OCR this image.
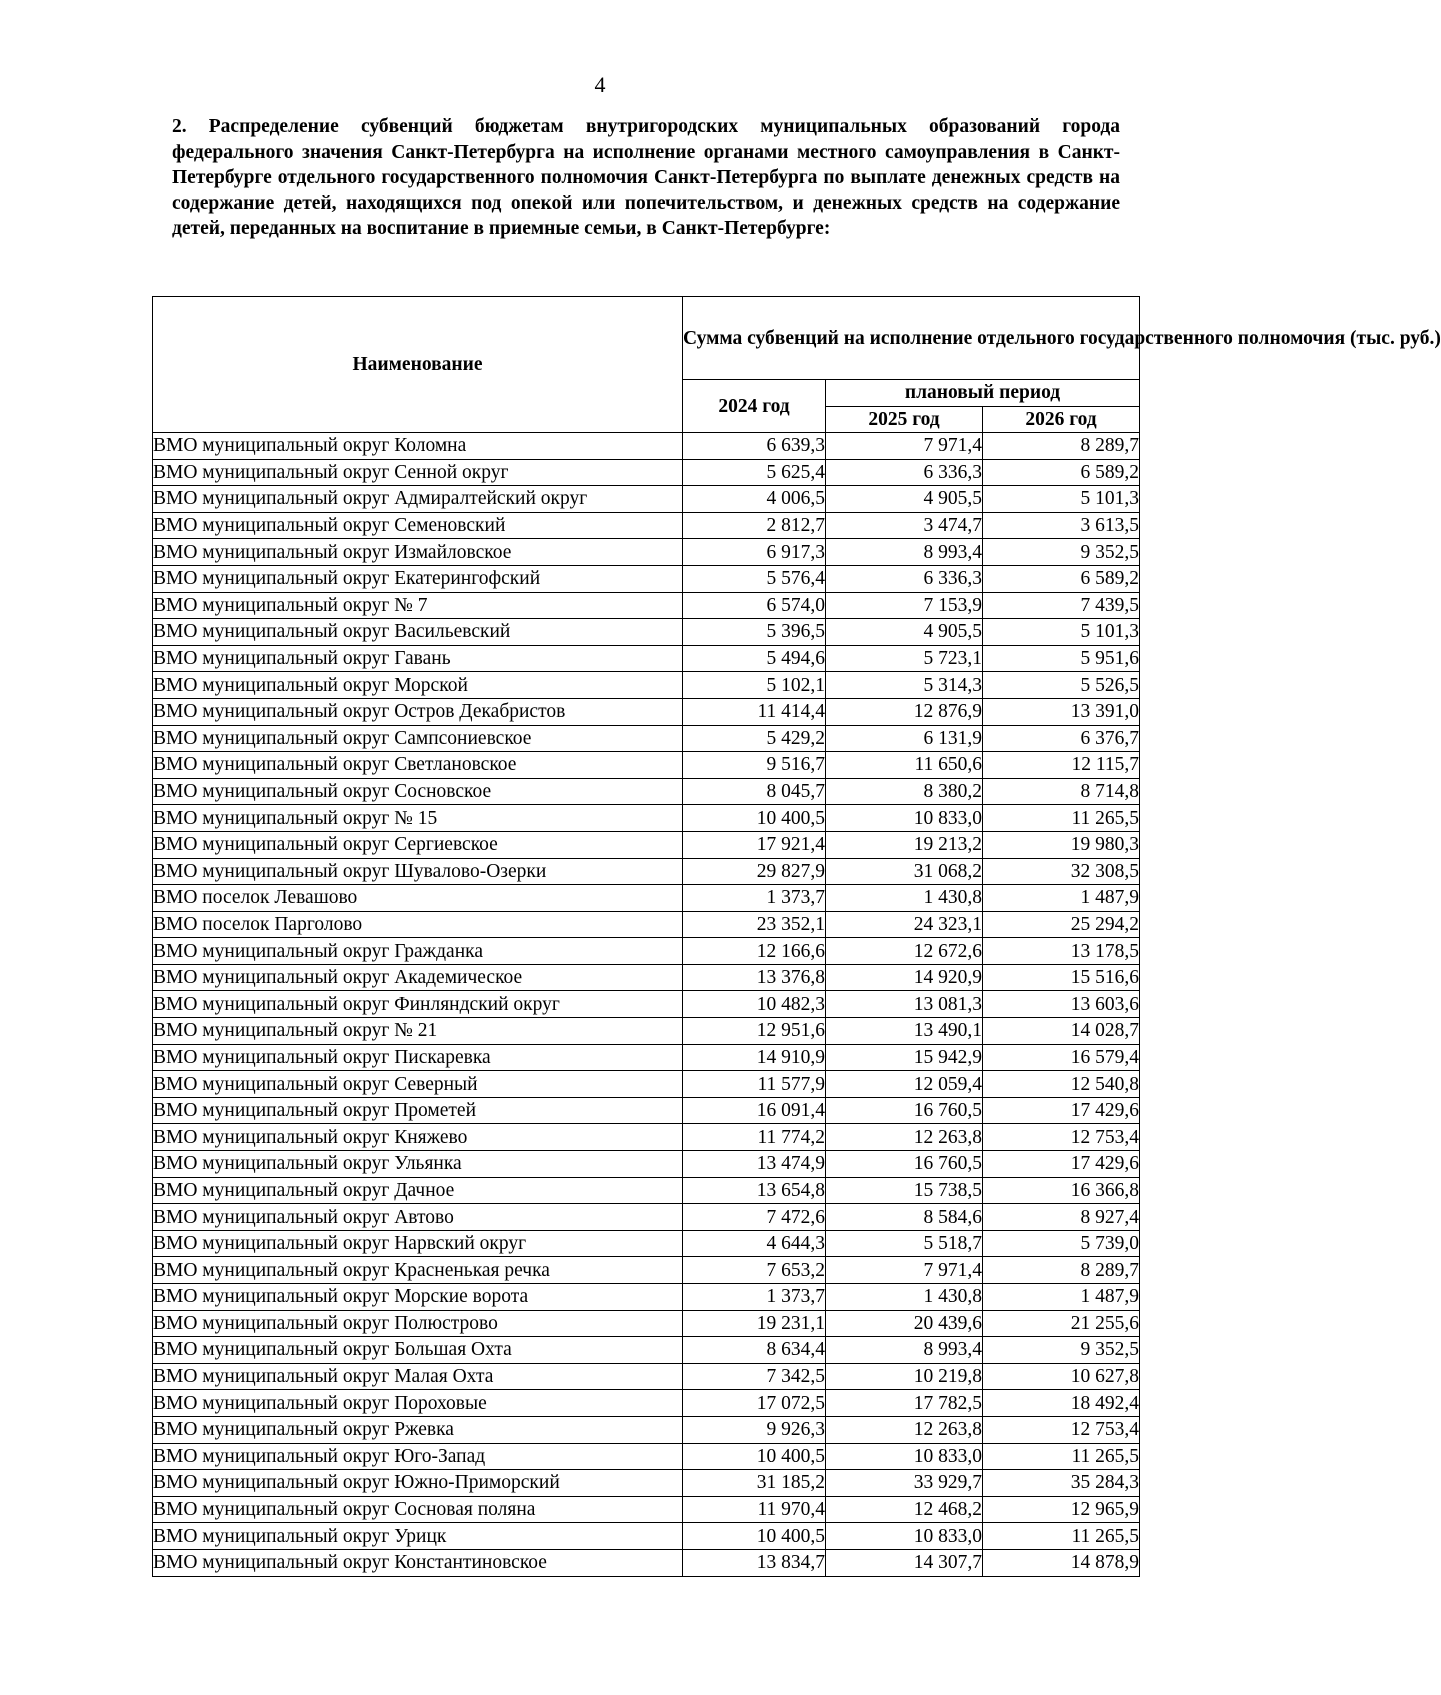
4
2. Распределение субвенций бюджетам внутригородских муниципальных образований города федерального значения Санкт-Петербурга на исполнение органами местного самоуправления в Санкт-Петербурге отдельного государственного полномочия Санкт-Петербурга по выплате денежных средств на содержание детей, находящихся под опекой или попечительством, и денежных средств на содержание детей, переданных на воспитание в приемные семьи, в Санкт-Петербурге:
Наименование	Сумма субвенций на исполнение отдельного государственного полномочия (тыс. руб.)		
	2024 год	плановый период	
		2025 год	2026 год
ВМО муниципальный округ Коломна	6 639,3	7 971,4	8 289,7
ВМО муниципальный округ Сенной округ	5 625,4	6 336,3	6 589,2
ВМО муниципальный округ Адмиралтейский округ	4 006,5	4 905,5	5 101,3
ВМО муниципальный округ Семеновский	2 812,7	3 474,7	3 613,5
ВМО муниципальный округ Измайловское	6 917,3	8 993,4	9 352,5
ВМО муниципальный округ Екатерингофский	5 576,4	6 336,3	6 589,2
ВМО муниципальный округ № 7	6 574,0	7 153,9	7 439,5
ВМО муниципальный округ Васильевский	5 396,5	4 905,5	5 101,3
ВМО муниципальный округ Гавань	5 494,6	5 723,1	5 951,6
ВМО муниципальный округ Морской	5 102,1	5 314,3	5 526,5
ВМО муниципальный округ Остров Декабристов	11 414,4	12 876,9	13 391,0
ВМО муниципальный округ Сампсониевское	5 429,2	6 131,9	6 376,7
ВМО муниципальный округ Светлановское	9 516,7	11 650,6	12 115,7
ВМО муниципальный округ Сосновское	8 045,7	8 380,2	8 714,8
ВМО муниципальный округ № 15	10 400,5	10 833,0	11 265,5
ВМО муниципальный округ Сергиевское	17 921,4	19 213,2	19 980,3
ВМО муниципальный округ Шувалово-Озерки	29 827,9	31 068,2	32 308,5
ВМО поселок Левашово	1 373,7	1 430,8	1 487,9
ВМО поселок Парголово	23 352,1	24 323,1	25 294,2
ВМО муниципальный округ Гражданка	12 166,6	12 672,6	13 178,5
ВМО муниципальный округ Академическое	13 376,8	14 920,9	15 516,6
ВМО муниципальный округ Финляндский округ	10 482,3	13 081,3	13 603,6
ВМО муниципальный округ № 21	12 951,6	13 490,1	14 028,7
ВМО муниципальный округ Пискаревка	14 910,9	15 942,9	16 579,4
ВМО муниципальный округ Северный	11 577,9	12 059,4	12 540,8
ВМО муниципальный округ Прометей	16 091,4	16 760,5	17 429,6
ВМО муниципальный округ Княжево	11 774,2	12 263,8	12 753,4
ВМО муниципальный округ Ульянка	13 474,9	16 760,5	17 429,6
ВМО муниципальный округ Дачное	13 654,8	15 738,5	16 366,8
ВМО муниципальный округ Автово	7 472,6	8 584,6	8 927,4
ВМО муниципальный округ Нарвский округ	4 644,3	5 518,7	5 739,0
ВМО муниципальный округ Красненькая речка	7 653,2	7 971,4	8 289,7
ВМО муниципальный округ Морские ворота	1 373,7	1 430,8	1 487,9
ВМО муниципальный округ Полюстрово	19 231,1	20 439,6	21 255,6
ВМО муниципальный округ Большая Охта	8 634,4	8 993,4	9 352,5
ВМО муниципальный округ Малая Охта	7 342,5	10 219,8	10 627,8
ВМО муниципальный округ Пороховые	17 072,5	17 782,5	18 492,4
ВМО муниципальный округ Ржевка	9 926,3	12 263,8	12 753,4
ВМО муниципальный округ Юго-Запад	10 400,5	10 833,0	11 265,5
ВМО муниципальный округ Южно-Приморский	31 185,2	33 929,7	35 284,3
ВМО муниципальный округ Сосновая поляна	11 970,4	12 468,2	12 965,9
ВМО муниципальный округ Урицк	10 400,5	10 833,0	11 265,5
ВМО муниципальный округ Константиновское	13 834,7	14 307,7	14 878,9
